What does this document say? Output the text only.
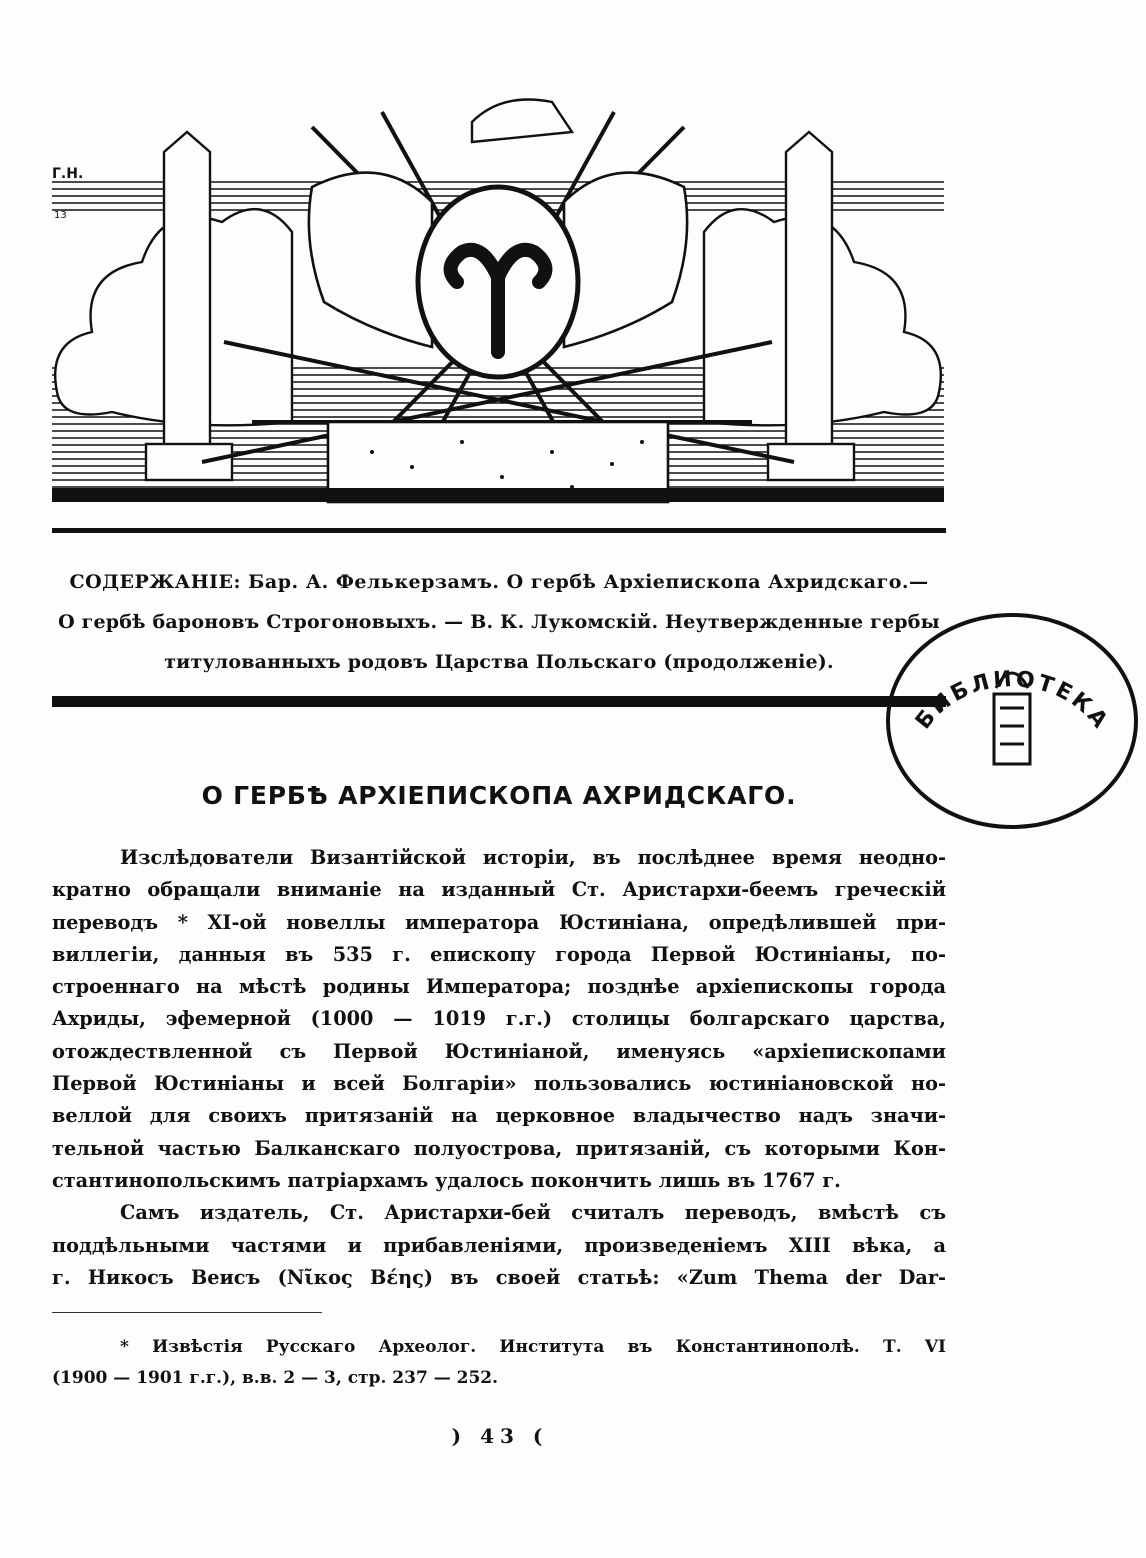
Г.Н.
13
СОДЕРЖАНІЕ: Бар. А. Фелькерзамъ. О гербѣ Архіепископа Ахридскаго.—
О гербѣ бароновъ Строгоновыхъ. — В. К. Лукомскій. Неутвержденные гербы
титулованныхъ родовъ Царства Польскаго (продолженіе).
БИБЛИОТЕКА
О ГЕРБѢ АРХІЕПИСКОПА АХРИДСКАГО.
Изслѣдователи Византійской исторіи, въ послѣднее время неодно-
кратно обращали вниманіе на изданный Ст. Аристархи-беемъ греческій
переводъ * XI-ой новеллы императора Юстиніана, опредѣлившей при-
виллегіи, данныя въ 535 г. епископу города Первой Юстиніаны, по-
строеннаго на мѣстѣ родины Императора; позднѣе архіепископы города
Ахриды, эфемерной (1000 — 1019 г.г.) столицы болгарскаго царства,
отождествленной съ Первой Юстиніаной, именуясь «архіепископами
Первой Юстиніаны и всей Болгаріи» пользовались юстиніановской но-
веллой для своихъ притязаній на церковное владычество надъ значи-
тельной частью Балканскаго полуострова, притязаній, съ которыми Кон-
стантинопольскимъ патріархамъ удалось покончить лишь въ 1767 г.
Самъ издатель, Ст. Аристархи-бей считалъ переводъ, вмѣстѣ съ
поддѣльными частями и прибавленіями, произведеніемъ XIII вѣка, а
г. Никосъ Веисъ (Νῖκος Βέης) въ своей статьѣ: «Zum Thema der Dar-
* Извѣстія Русскаго Археолог. Института въ Константинополѣ. Т. VI
(1900 — 1901 г.г.), в.в. 2 — 3, стр. 237 — 252.
) 43 (
